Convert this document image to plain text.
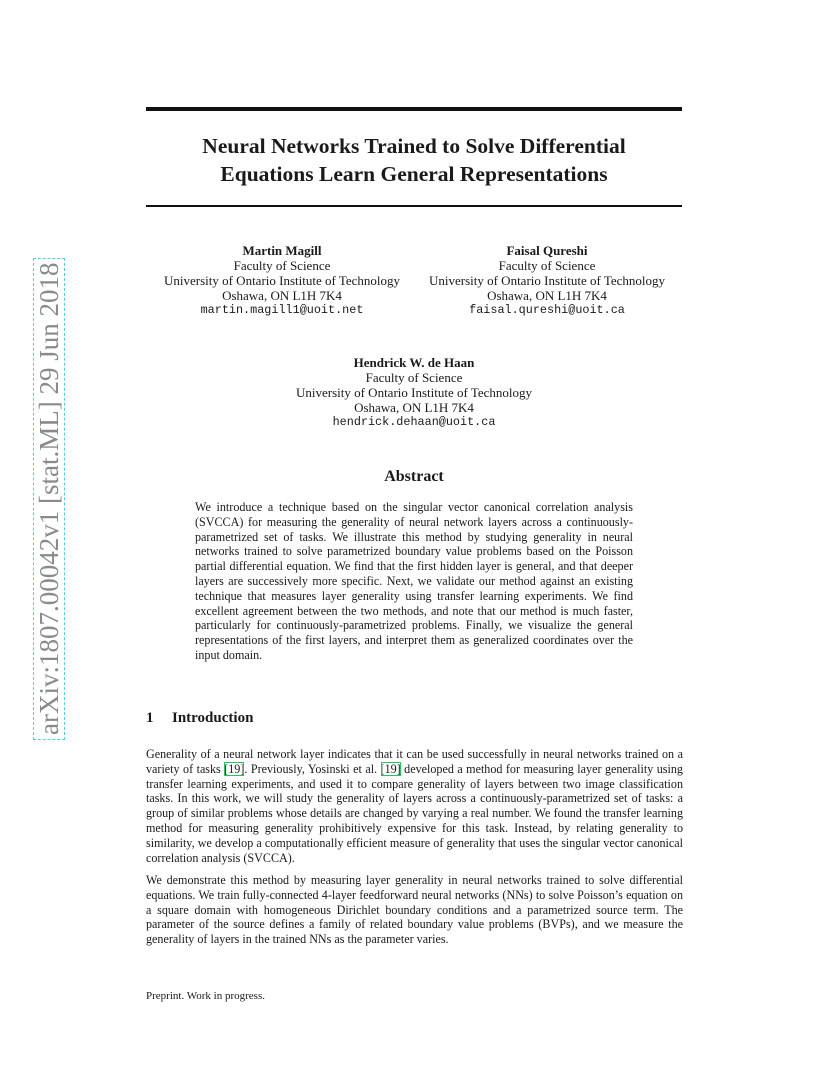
arXiv:1807.00042v1 [stat.ML] 29 Jun 2018
Neural Networks Trained to Solve Differential
Equations Learn General Representations
Martin Magill
Faculty of Science
University of Ontario Institute of Technology
Oshawa, ON L1H 7K4
martin.magill1@uoit.net
Faisal Qureshi
Faculty of Science
University of Ontario Institute of Technology
Oshawa, ON L1H 7K4
faisal.qureshi@uoit.ca
Hendrick W. de Haan
Faculty of Science
University of Ontario Institute of Technology
Oshawa, ON L1H 7K4
hendrick.dehaan@uoit.ca
Abstract
We introduce a technique based on the singular vector canonical correlation analysis (SVCCA) for measuring the generality of neural network layers across a continuously-parametrized set of tasks. We illustrate this method by studying generality in neural networks trained to solve parametrized boundary value problems based on the Poisson partial differential equation. We find that the first hidden layer is general, and that deeper layers are successively more specific. Next, we validate our method against an existing technique that measures layer generality using transfer learning experiments. We find excellent agreement between the two methods, and note that our method is much faster, particularly for continuously-parametrized problems. Finally, we visualize the general representations of the first layers, and interpret them as generalized coordinates over the input domain.
1 Introduction
Generality of a neural network layer indicates that it can be used successfully in neural networks trained on a variety of tasks [19]. Previously, Yosinski et al. [19] developed a method for measuring layer generality using transfer learning experiments, and used it to compare generality of layers between two image classification tasks. In this work, we will study the generality of layers across a continuously-parametrized set of tasks: a group of similar problems whose details are changed by varying a real number. We found the transfer learning method for measuring generality prohibitively expensive for this task. Instead, by relating generality to similarity, we develop a computationally efficient measure of generality that uses the singular vector canonical correlation analysis (SVCCA).
We demonstrate this method by measuring layer generality in neural networks trained to solve differential equations. We train fully-connected 4-layer feedforward neural networks (NNs) to solve Poisson’s equation on a square domain with homogeneous Dirichlet boundary conditions and a parametrized source term. The parameter of the source defines a family of related boundary value problems (BVPs), and we measure the generality of layers in the trained NNs as the parameter varies.
Preprint. Work in progress.
